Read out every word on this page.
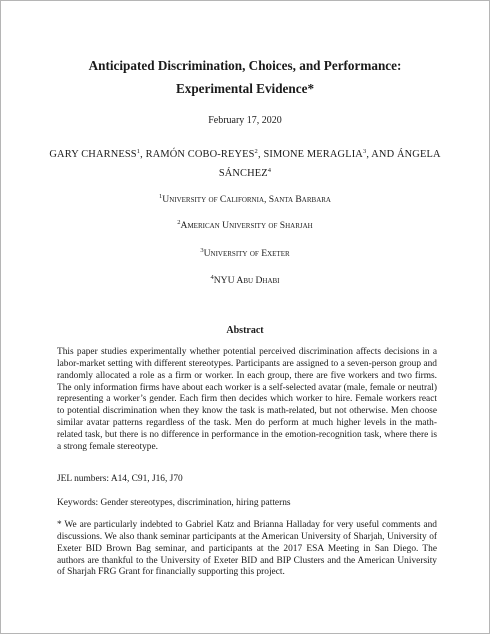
Anticipated Discrimination, Choices, and Performance:
Experimental Evidence*
February 17, 2020
GARY CHARNESS$^1$, RAMÓN COBO-REYES$^2$, SIMONE MERAGLIA$^3$, AND ÁNGELA
SÁNCHEZ$^4$
$^1$University of California, Santa Barbara
$^2$American University of Sharjah
$^3$University of Exeter
$^4$NYU Abu Dhabi
Abstract
This paper studies experimentally whether potential perceived discrimination affects decisions in a labor-market setting with different stereotypes. Participants are assigned to a seven-person group and randomly allocated a role as a firm or worker. In each group, there are five workers and two firms. The only information firms have about each worker is a self-selected avatar (male, female or neutral) representing a worker’s gender. Each firm then decides which worker to hire. Female workers react to potential discrimination when they know the task is math-related, but not otherwise. Men choose similar avatar patterns regardless of the task. Men do perform at much higher levels in the math-related task, but there is no difference in performance in the emotion-recognition task, where there is a strong female stereotype.
JEL numbers: A14, C91, J16, J70
Keywords: Gender stereotypes, discrimination, hiring patterns
* We are particularly indebted to Gabriel Katz and Brianna Halladay for very useful comments and discussions. We also thank seminar participants at the American University of Sharjah, University of Exeter BID Brown Bag seminar, and participants at the 2017 ESA Meeting in San Diego. The authors are thankful to the University of Exeter BID and BIP Clusters and the American University of Sharjah FRG Grant for financially supporting this project.
